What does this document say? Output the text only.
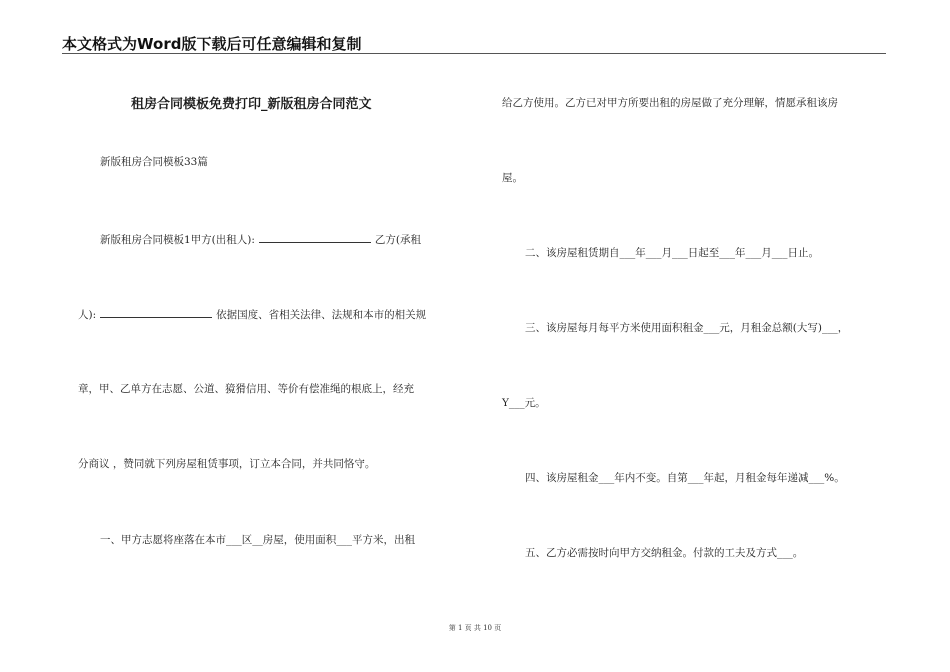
本文格式为Word版下载后可任意编辑和复制
租房合同模板免费打印_新版租房合同范文
新版租房合同模板33篇
新版租房合同模板1甲方(出租人):	乙方(承租
人):	依据国度、省相关法律、法规和本市的相关规
章，甲、乙单方在志愿、公道、獍猾信用、等价有偿准绳的根底上，经充
分商议 ，赞同就下列房屋租赁事项，订立本合同，并共同恪守。
一、甲方志愿将座落在本市___区__房屋，使用面积___平方米，出租
给乙方使用。乙方已对甲方所要出租的房屋做了充分理解，情愿承租该房
屋。
二、该房屋租赁期自___年___月___日起至___年___月___日止。
三、该房屋每月每平方米使用面积租金___元，月租金总额(大写)___，
Y___元。
四、该房屋租金___年内不变。自第___年起，月租金每年递减___%。
五、乙方必需按时向甲方交纳租金。付款的工夫及方式___。
第 1 页 共 10 页
